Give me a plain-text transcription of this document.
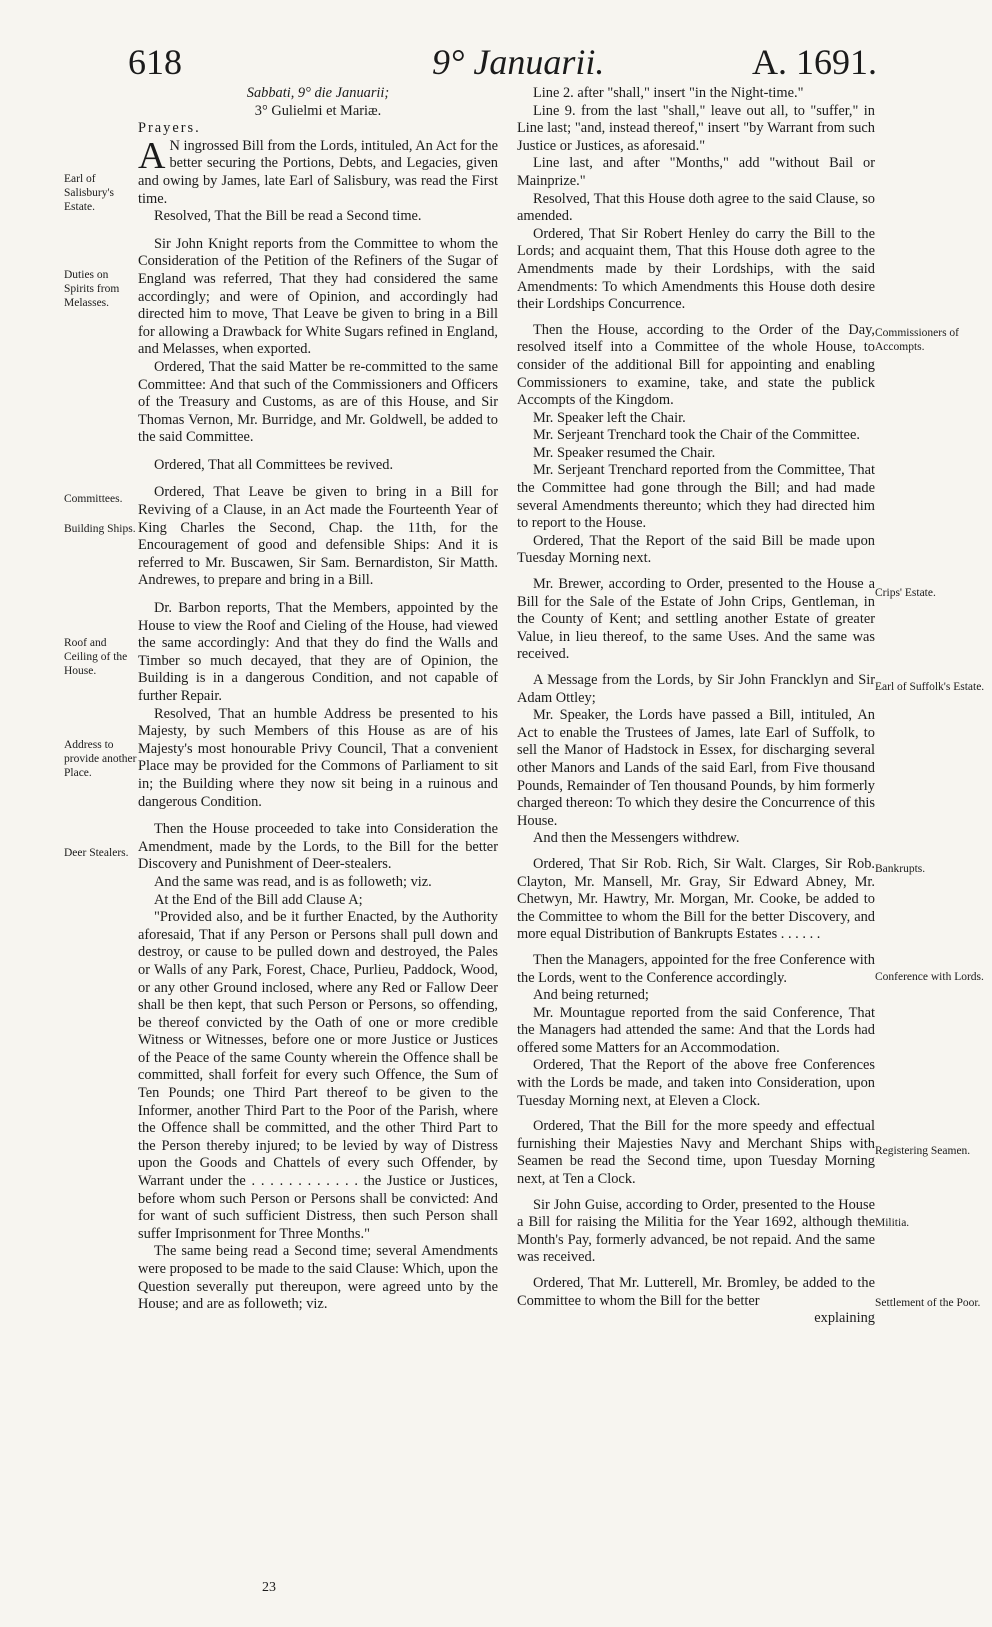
618	9° Januarii.	A. 1691.
Earl of Salisbury's Estate.
Duties on Spirits from Melasses.
Committees.
Building Ships.
Roof and Ceiling of the House.
Address to provide another Place.
Deer Stealers.
Commissioners of Accompts.
Crips' Estate.
Earl of Suffolk's Estate.
Bankrupts.
Conference with Lords.
Registering Seamen.
Militia.
Settlement of the Poor.

Sabbati, 9° die Januarii;

3° Gulielmi et Mariæ.

Prayers.

A N ingrossed Bill from the Lords, intituled, An Act for the better securing the Portions, Debts, and Legacies, given and owing by James, late Earl of Salisbury, was read the First time.

Resolved, That the Bill be read a Second time.

Sir John Knight reports from the Committee to whom the Consideration of the Petition of the Refiners of the Sugar of England was referred, That they had considered the same accordingly; and were of Opinion, and accordingly had directed him to move, That Leave be given to bring in a Bill for allowing a Drawback for White Sugars refined in England, and Melasses, when exported.

Ordered, That the said Matter be re-committed to the same Committee: And that such of the Commissioners and Officers of the Treasury and Customs, as are of this House, and Sir Thomas Vernon, Mr. Burridge, and Mr. Goldwell, be added to the said Committee.

Ordered, That all Committees be revived.

Ordered, That Leave be given to bring in a Bill for Reviving of a Clause, in an Act made the Fourteenth Year of King Charles the Second, Chap. the 11th, for the Encouragement of good and defensible Ships: And it is referred to Mr. Buscawen, Sir Sam. Bernardiston, Sir Matth. Andrewes, to prepare and bring in a Bill.

Dr. Barbon reports, That the Members, appointed by the House to view the Roof and Cieling of the House, had viewed the same accordingly: And that they do find the Walls and Timber so much decayed, that they are of Opinion, the Building is in a dangerous Condition, and not capable of further Repair.

Resolved, That an humble Address be presented to his Majesty, by such Members of this House as are of his Majesty's most honourable Privy Council, That a convenient Place may be provided for the Commons of Parliament to sit in; the Building where they now sit being in a ruinous and dangerous Condition.

Then the House proceeded to take into Consideration the Amendment, made by the Lords, to the Bill for the better Discovery and Punishment of Deer-stealers.

And the same was read, and is as followeth; viz.

At the End of the Bill add Clause A;

"Provided also, and be it further Enacted, by the Authority aforesaid, That if any Person or Persons shall pull down and destroy, or cause to be pulled down and destroyed, the Pales or Walls of any Park, Forest, Chace, Purlieu, Paddock, Wood, or any other Ground inclosed, where any Red or Fallow Deer shall be then kept, that such Person or Persons, so offending, be thereof convicted by the Oath of one or more credible Witness or Witnesses, before one or more Justice or Justices of the Peace of the same County wherein the Offence shall be committed, shall forfeit for every such Offence, the Sum of Ten Pounds; one Third Part thereof to be given to the Informer, another Third Part to the Poor of the Parish, where the Offence shall be committed, and the other Third Part to the Person thereby injured; to be levied by way of Distress upon the Goods and Chattels of every such Offender, by Warrant under the . . . . . . . . . . . . the Justice or Justices, before whom such Person or Persons shall be convicted: And for want of such sufficient Distress, then such Person shall suffer Imprisonment for Three Months."

The same being read a Second time; several Amendments were proposed to be made to the said Clause: Which, upon the Question severally put thereupon, were agreed unto by the House; and are as followeth; viz.

Line 2. after "shall," insert "in the Night-time."

Line 9. from the last "shall," leave out all, to "suffer," in Line last; "and, instead thereof," insert "by Warrant from such Justice or Justices, as aforesaid."

Line last, and after "Months," add "without Bail or Mainprize."

Resolved, That this House doth agree to the said Clause, so amended.

Ordered, That Sir Robert Henley do carry the Bill to the Lords; and acquaint them, That this House doth agree to the Amendments made by their Lordships, with the said Amendments: To which Amendments this House doth desire their Lordships Concurrence.

Then the House, according to the Order of the Day, resolved itself into a Committee of the whole House, to consider of the additional Bill for appointing and enabling Commissioners to examine, take, and state the publick Accompts of the Kingdom.

Mr. Speaker left the Chair.

Mr. Serjeant Trenchard took the Chair of the Committee.

Mr. Speaker resumed the Chair.

Mr. Serjeant Trenchard reported from the Committee, That the Committee had gone through the Bill; and had made several Amendments thereunto; which they had directed him to report to the House.

Ordered, That the Report of the said Bill be made upon Tuesday Morning next.

Mr. Brewer, according to Order, presented to the House a Bill for the Sale of the Estate of John Crips, Gentleman, in the County of Kent; and settling another Estate of greater Value, in lieu thereof, to the same Uses. And the same was received.

A Message from the Lords, by Sir John Francklyn and Sir Adam Ottley;

Mr. Speaker, the Lords have passed a Bill, intituled, An Act to enable the Trustees of James, late Earl of Suffolk, to sell the Manor of Hadstock in Essex, for discharging several other Manors and Lands of the said Earl, from Five thousand Pounds, Remainder of Ten thousand Pounds, by him formerly charged thereon: To which they desire the Concurrence of this House.

And then the Messengers withdrew.

Ordered, That Sir Rob. Rich, Sir Walt. Clarges, Sir Rob. Clayton, Mr. Mansell, Mr. Gray, Sir Edward Abney, Mr. Chetwyn, Mr. Hawtry, Mr. Morgan, Mr. Cooke, be added to the Committee to whom the Bill for the better Discovery, and more equal Distribution of Bankrupts Estates . . . . . .

Then the Managers, appointed for the free Conference with the Lords, went to the Conference accordingly.

And being returned;

Mr. Mountague reported from the said Conference, That the Managers had attended the same: And that the Lords had offered some Matters for an Accommodation.

Ordered, That the Report of the above free Conferences with the Lords be made, and taken into Consideration, upon Tuesday Morning next, at Eleven a Clock.

Ordered, That the Bill for the more speedy and effectual furnishing their Majesties Navy and Merchant Ships with Seamen be read the Second time, upon Tuesday Morning next, at Ten a Clock.

Sir John Guise, according to Order, presented to the House a Bill for raising the Militia for the Year 1692, although the Month's Pay, formerly advanced, be not repaid. And the same was received.

Ordered, That Mr. Lutterell, Mr. Bromley, be added to the Committee to whom the Bill for the better

explaining

23
